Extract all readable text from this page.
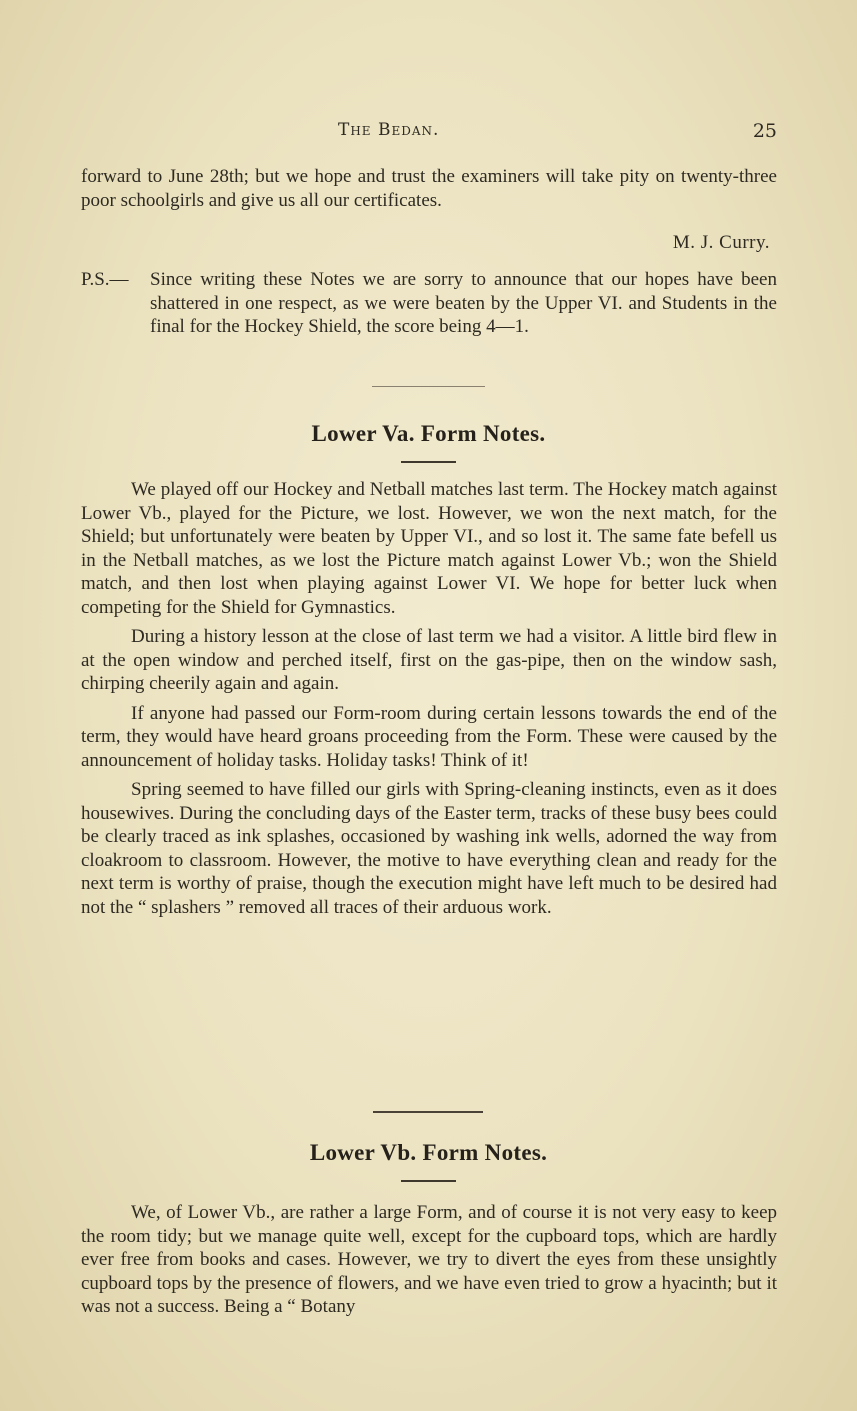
The Bedan.	25

forward to June 28th; but we hope and trust the examiners will take pity on twenty-three poor schoolgirls and give us all our certificates.

M. J. Curry.
P.S.— Since writing these Notes we are sorry to announce that our hopes have been shattered in one respect, as we were beaten by the Upper VI. and Students in the final for the Hockey Shield, the score being 4—1.

Lower Va. Form Notes.

We played off our Hockey and Netball matches last term. The Hockey match against Lower Vb., played for the Picture, we lost. However, we won the next match, for the Shield; but unfortunately were beaten by Upper VI., and so lost it. The same fate befell us in the Netball matches, as we lost the Picture match against Lower Vb.; won the Shield match, and then lost when playing against Lower VI. We hope for better luck when competing for the Shield for Gymnastics.

During a history lesson at the close of last term we had a visitor. A little bird flew in at the open window and perched itself, first on the gas-pipe, then on the window sash, chirping cheerily again and again.

If anyone had passed our Form-room during certain lessons towards the end of the term, they would have heard groans proceeding from the Form. These were caused by the announcement of holiday tasks. Holiday tasks! Think of it!

Spring seemed to have filled our girls with Spring-cleaning instincts, even as it does housewives. During the concluding days of the Easter term, tracks of these busy bees could be clearly traced as ink splashes, occasioned by washing ink wells, adorned the way from cloakroom to classroom. However, the motive to have everything clean and ready for the next term is worthy of praise, though the execution might have left much to be desired had not the “ splashers ” removed all traces of their arduous work.

Lower Vb. Form Notes.

We, of Lower Vb., are rather a large Form, and of course it is not very easy to keep the room tidy; but we manage quite well, except for the cupboard tops, which are hardly ever free from books and cases. However, we try to divert the eyes from these unsightly cupboard tops by the presence of flowers, and we have even tried to grow a hyacinth; but it was not a success. Being a “ Botany
